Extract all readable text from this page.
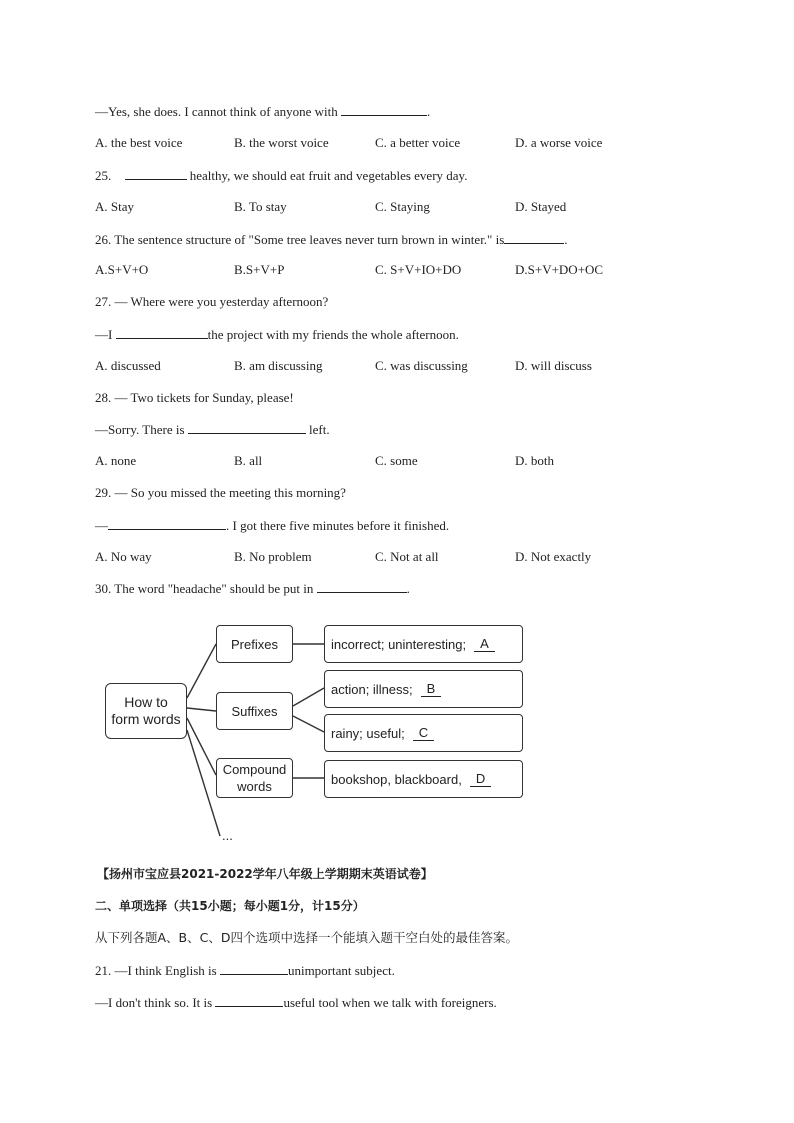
—Yes, she does. I cannot think of anyone with	.
A. the best voice	B. the worst voice	C. a better voice	D. a worse voice
25.	healthy, we should eat fruit and vegetables every day.
A. Stay	B. To stay	C. Staying	D. Stayed
26. The sentence structure of "Some tree leaves never turn brown in winter." is	.
A.S+V+O	B.S+V+P	C. S+V+IO+DO	D.S+V+DO+OC
27. — Where were you yesterday afternoon?
—I	the project with my friends the whole afternoon.
A. discussed	B. am discussing	C. was discussing	D. will discuss
28. — Two tickets for Sunday, please!
—Sorry. There is	left.
A. none	B. all	C. some	D. both
29. — So you missed the meeting this morning?
—	. I got there five minutes before it finished.
A. No way	B. No problem	C. Not at all	D. Not exactly
30. The word "headache" should be put in	.
How to
form words
Prefixes
Suffixes
Compound
words
incorrect; uninteresting;	A
action; illness;	B
rainy; useful;	C
bookshop, blackboard,	D
...
【扬州市宝应县2021-2022学年八年级上学期期末英语试卷】
二、单项选择（共15小题；每小题1分，计15分）
从下列各题A、B、C、D四个选项中选择一个能填入题干空白处的最佳答案。
21. —I think English is	unimportant subject.
—I don't think so. It is	useful tool when we talk with foreigners.
